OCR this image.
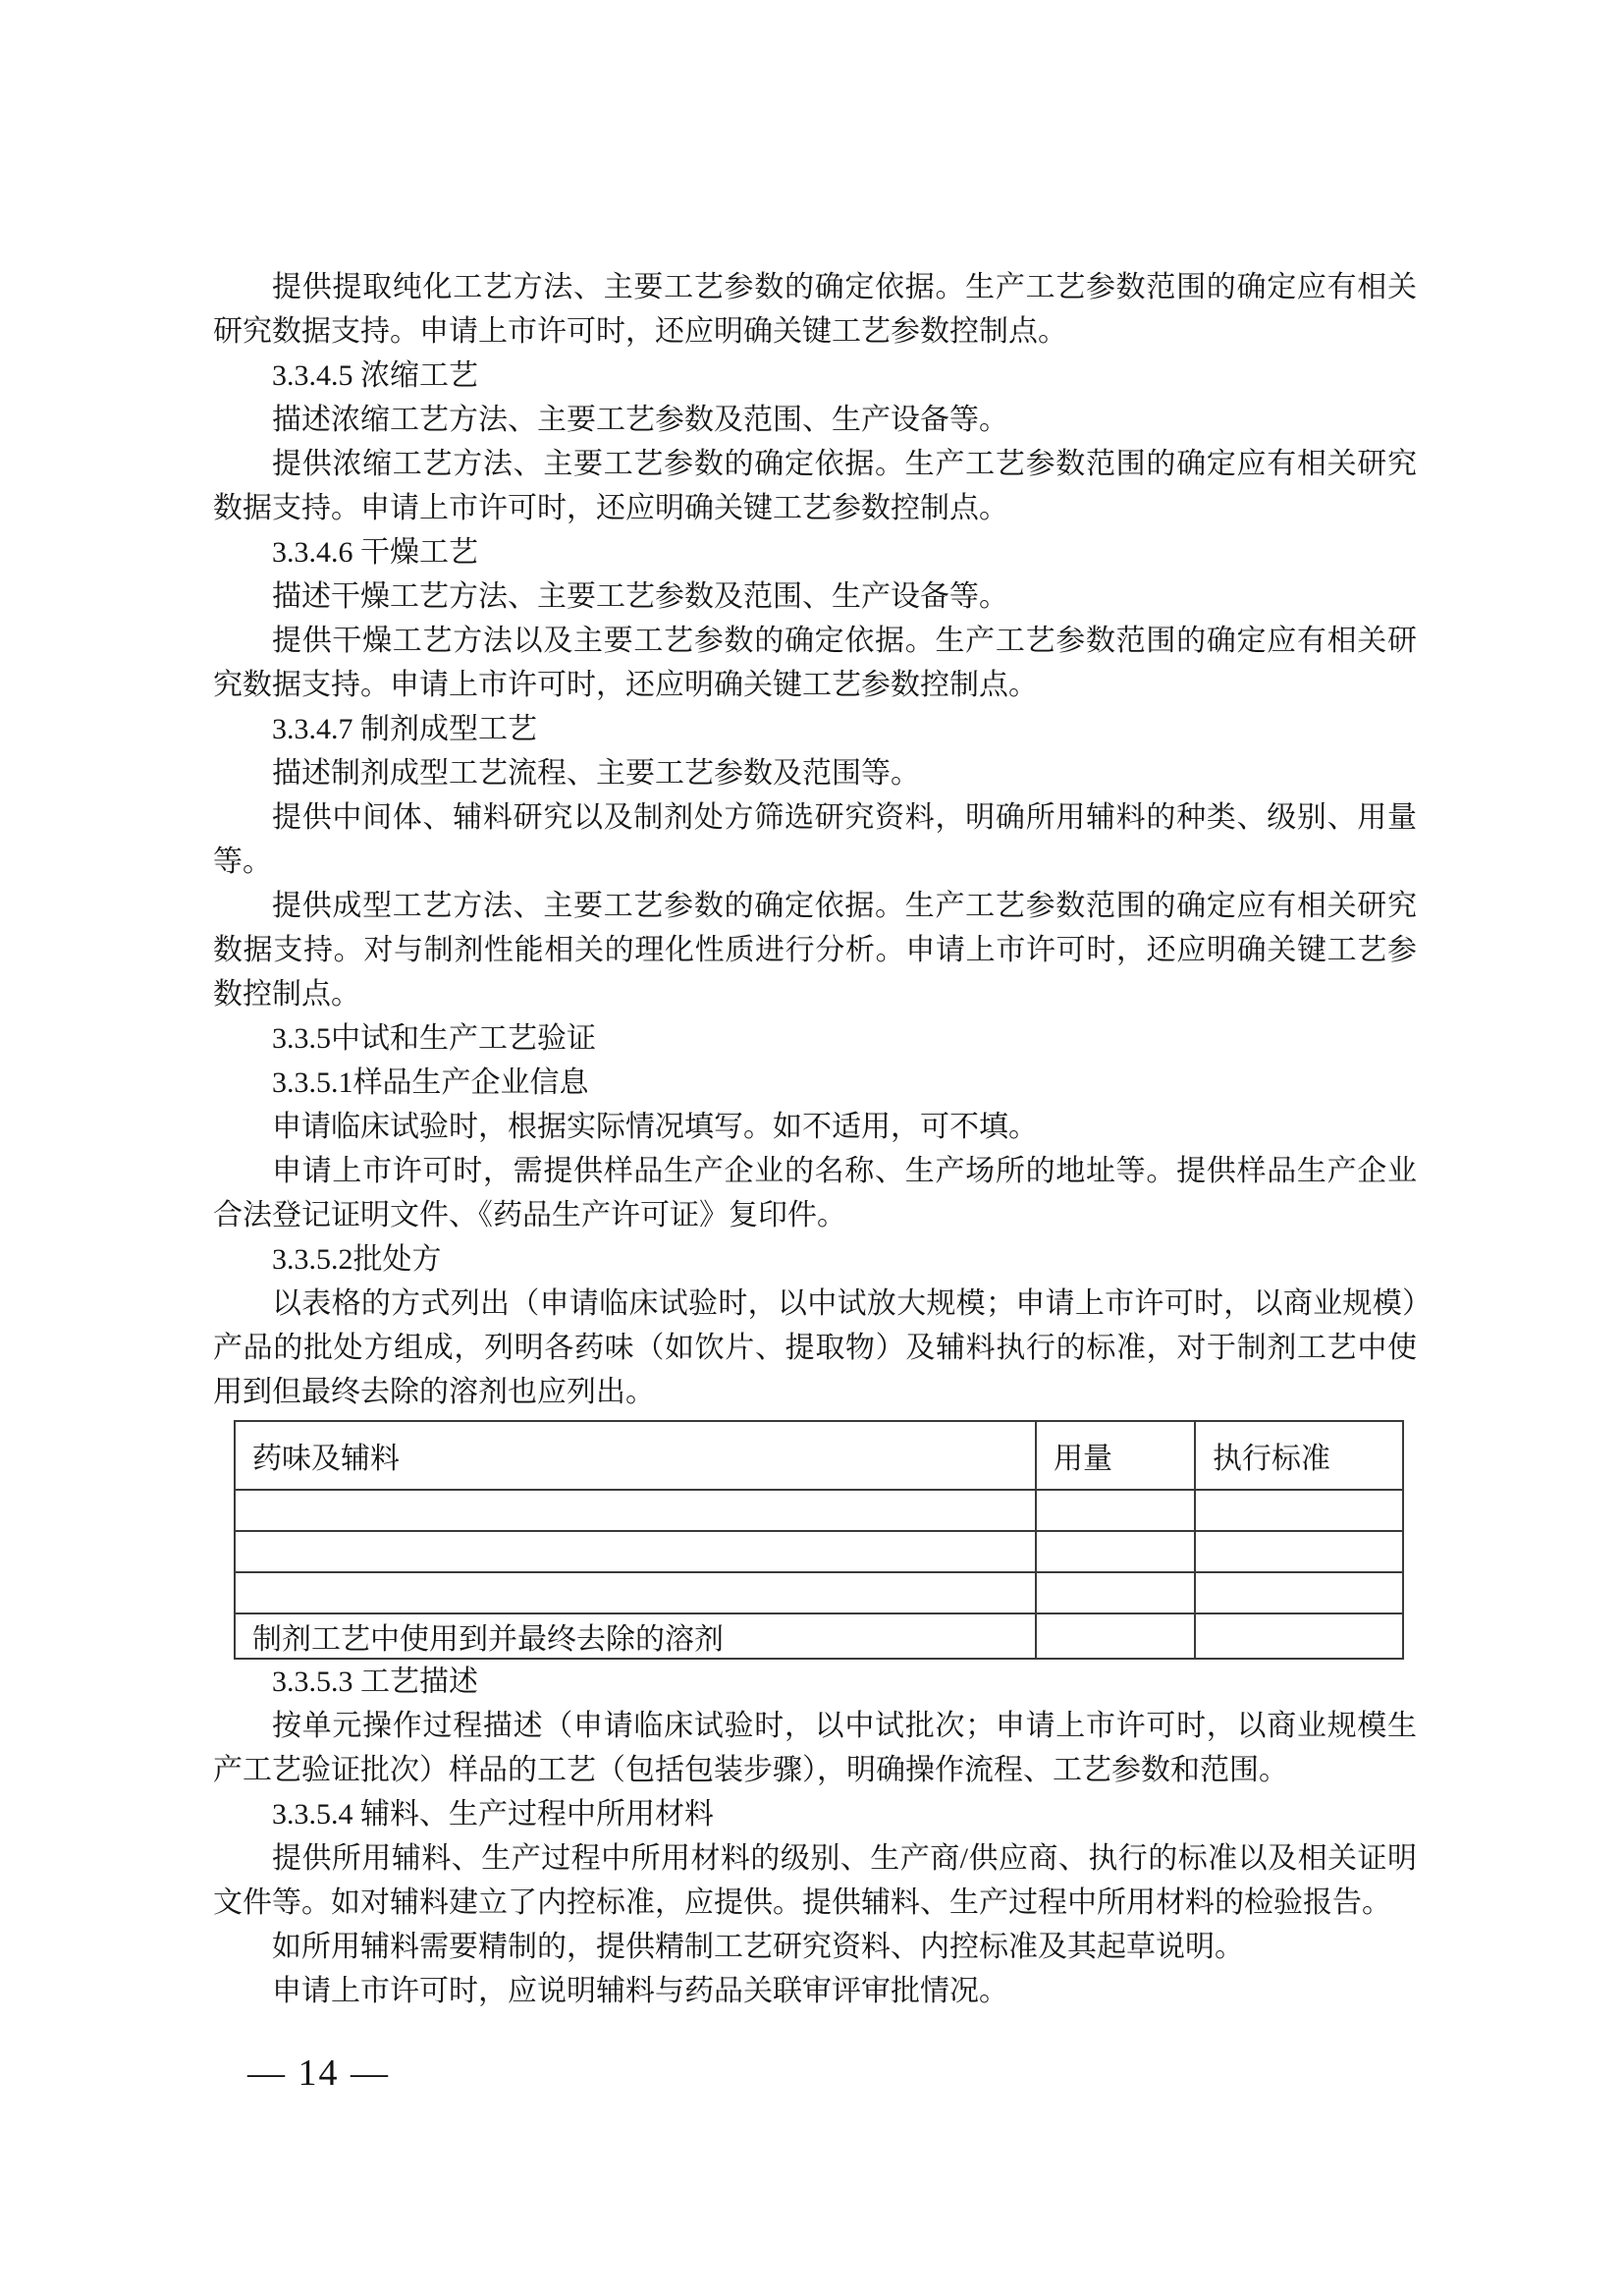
提供提取纯化工艺方法、主要工艺参数的确定依据。生产工艺参数范围的确定应有相关研究数据支持。申请上市许可时，还应明确关键工艺参数控制点。

3.3.4.5 浓缩工艺

描述浓缩工艺方法、主要工艺参数及范围、生产设备等。

提供浓缩工艺方法、主要工艺参数的确定依据。生产工艺参数范围的确定应有相关研究数据支持。申请上市许可时，还应明确关键工艺参数控制点。

3.3.4.6 干燥工艺

描述干燥工艺方法、主要工艺参数及范围、生产设备等。

提供干燥工艺方法以及主要工艺参数的确定依据。生产工艺参数范围的确定应有相关研究数据支持。申请上市许可时，还应明确关键工艺参数控制点。

3.3.4.7 制剂成型工艺

描述制剂成型工艺流程、主要工艺参数及范围等。

提供中间体、辅料研究以及制剂处方筛选研究资料，明确所用辅料的种类、级别、用量等。

提供成型工艺方法、主要工艺参数的确定依据。生产工艺参数范围的确定应有相关研究数据支持。对与制剂性能相关的理化性质进行分析。申请上市许可时，还应明确关键工艺参数控制点。

3.3.5中试和生产工艺验证

3.3.5.1样品生产企业信息

申请临床试验时，根据实际情况填写。如不适用，可不填。

申请上市许可时，需提供样品生产企业的名称、生产场所的地址等。提供样品生产企业合法登记证明文件、《药品生产许可证》复印件。

3.3.5.2批处方

以表格的方式列出（申请临床试验时，以中试放大规模；申请上市许可时，以商业规模）产品的批处方组成，列明各药味（如饮片、提取物）及辅料执行的标准，对于制剂工艺中使用到但最终去除的溶剂也应列出。

药味及辅料	用量	执行标准

制剂工艺中使用到并最终去除的溶剂		

3.3.5.3 工艺描述

按单元操作过程描述（申请临床试验时，以中试批次；申请上市许可时，以商业规模生产工艺验证批次）样品的工艺（包括包装步骤），明确操作流程、工艺参数和范围。

3.3.5.4 辅料、生产过程中所用材料

提供所用辅料、生产过程中所用材料的级别、生产商/供应商、执行的标准以及相关证明文件等。如对辅料建立了内控标准，应提供。提供辅料、生产过程中所用材料的检验报告。

如所用辅料需要精制的，提供精制工艺研究资料、内控标准及其起草说明。

申请上市许可时，应说明辅料与药品关联审评审批情况。

— 14 —
